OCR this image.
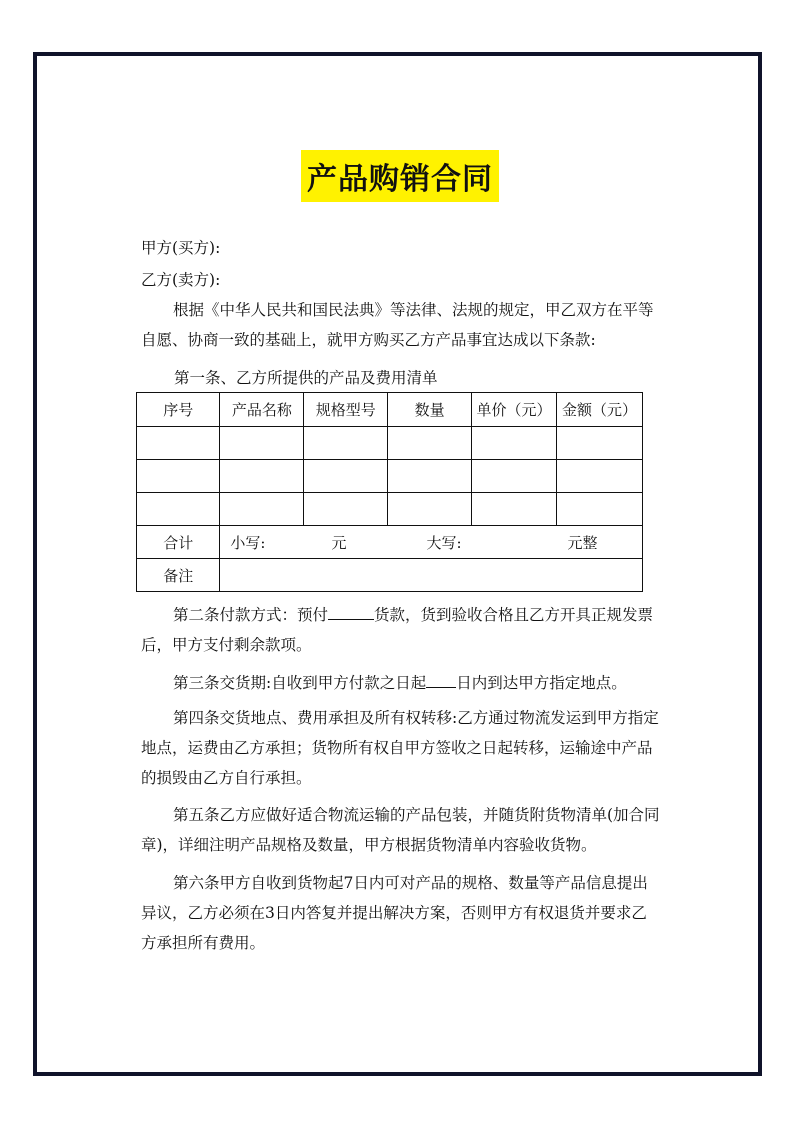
产品购销合同
甲方(买方):
乙方(卖方):
根据《中华人民共和国民法典》等法律、法规的规定，甲乙双方在平等自愿、协商一致的基础上，就甲方购买乙方产品事宜达成以下条款:
第一条、乙方所提供的产品及费用清单
序号	产品名称	规格型号	数量	单价（元）	金额（元）

合计	小写: 元 大写: 元整				

备注					
第二条付款方式：预付	货款，货到验收合格且乙方开具正规发票后，甲方支付剩余款项。
第三条交货期:自收到甲方付款之日起 日内到达甲方指定地点。
第四条交货地点、费用承担及所有权转移:乙方通过物流发运到甲方指定地点，运费由乙方承担；货物所有权自甲方签收之日起转移，运输途中产品的损毁由乙方自行承担。
第五条乙方应做好适合物流运输的产品包装，并随货附货物清单(加合同章)，详细注明产品规格及数量，甲方根据货物清单内容验收货物。
第六条甲方自收到货物起7日内可对产品的规格、数量等产品信息提出异议，乙方必须在3日内答复并提出解决方案，否则甲方有权退货并要求乙方承担所有费用。
